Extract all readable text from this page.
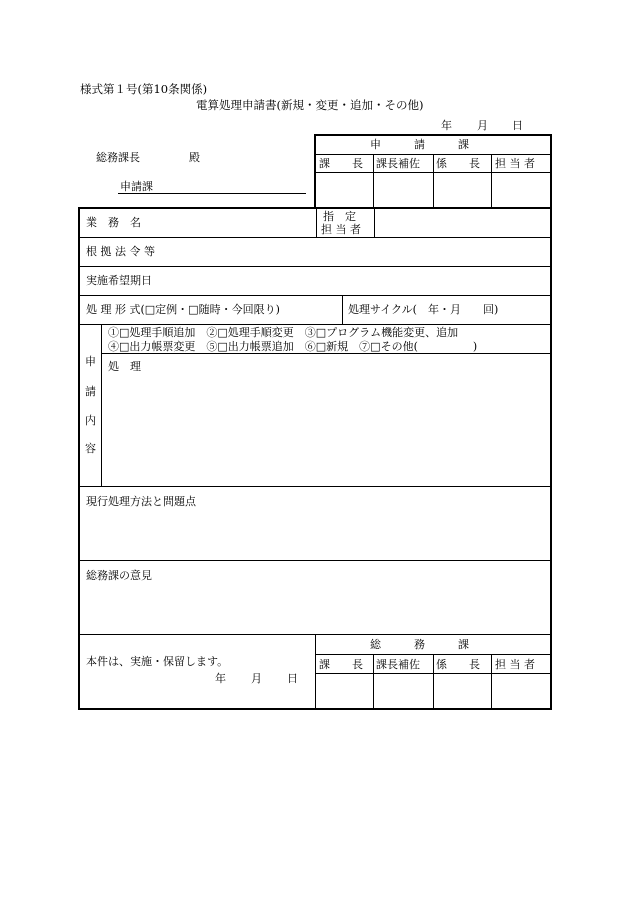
様式第１号(第10条関係)
電算処理申請書(新規・変更・追加・その他)
年 月 日
総務課長	殿
申請課
申　　　請　　　課
課　　長 課長補佐 係　　長 担 当 者
業　務　名	指　定
担 当 者
根 拠 法 令 等
実施希望期日
処 理 形 式(□定例・□随時・今回限り)	処理サイクル(　年・月　　回)
申
請
内
容
①□処理手順追加　②□処理手順変更　③□プログラム機能変更、追加
④□出力帳票変更　⑤□出力帳票追加　⑥□新規　⑦□その他(　　　　　)
処　理
現行処理方法と問題点
総務課の意見
本件は、実施・保留します。
年 月 日
総　　　務　　　課
課　　長 課長補佐 係　　長 担 当 者
